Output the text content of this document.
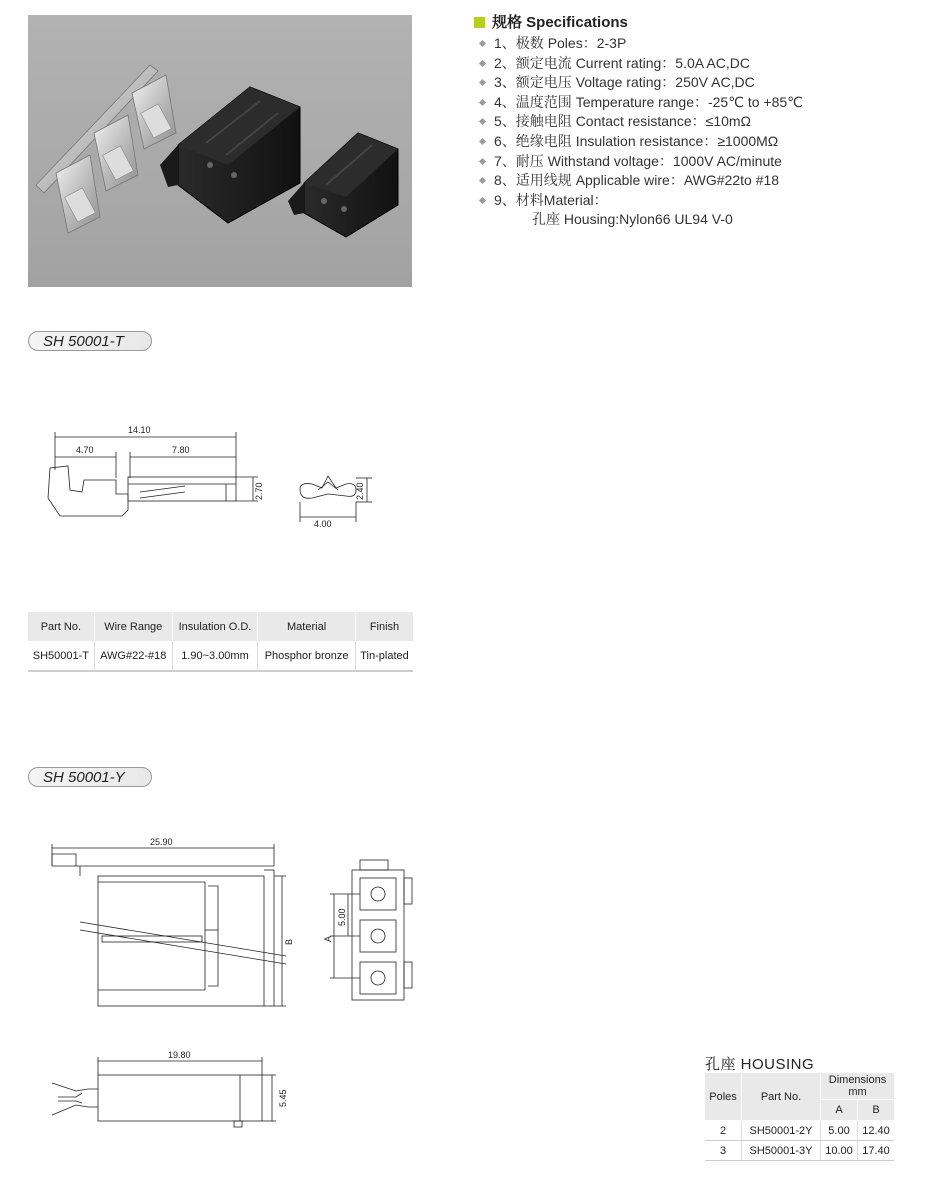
规格 Specifications
1、极数 Poles：2-3P
2、额定电流 Current rating：5.0A AC,DC
3、额定电压 Voltage rating：250V AC,DC
4、温度范围 Temperature range：-25℃ to +85℃
5、接触电阻 Contact resistance：≤10mΩ
6、绝缘电阻 Insulation resistance：≥1000MΩ
7、耐压 Withstand voltage：1000V AC/minute
8、适用线规 Applicable wire：AWG#22to #18
9、材料Material：
孔座 Housing:Nylon66 UL94 V-0
SH 50001-T
14.10
4.70	7.80
2.70
4.00
2.40
Part No.	Wire Range	Insulation O.D.	Material	Finish
SH50001-T	AWG#22-#18	1.90~3.00mm	Phosphor bronze	Tin-plated
SH 50001-Y
25.90
B
5.00
A
19.80
5.45
孔座 HOUSING
Poles	Part No.	Dimensions mm	
		A	B
2	SH50001-2Y	5.00	12.40
3	SH50001-3Y	10.00	17.40
